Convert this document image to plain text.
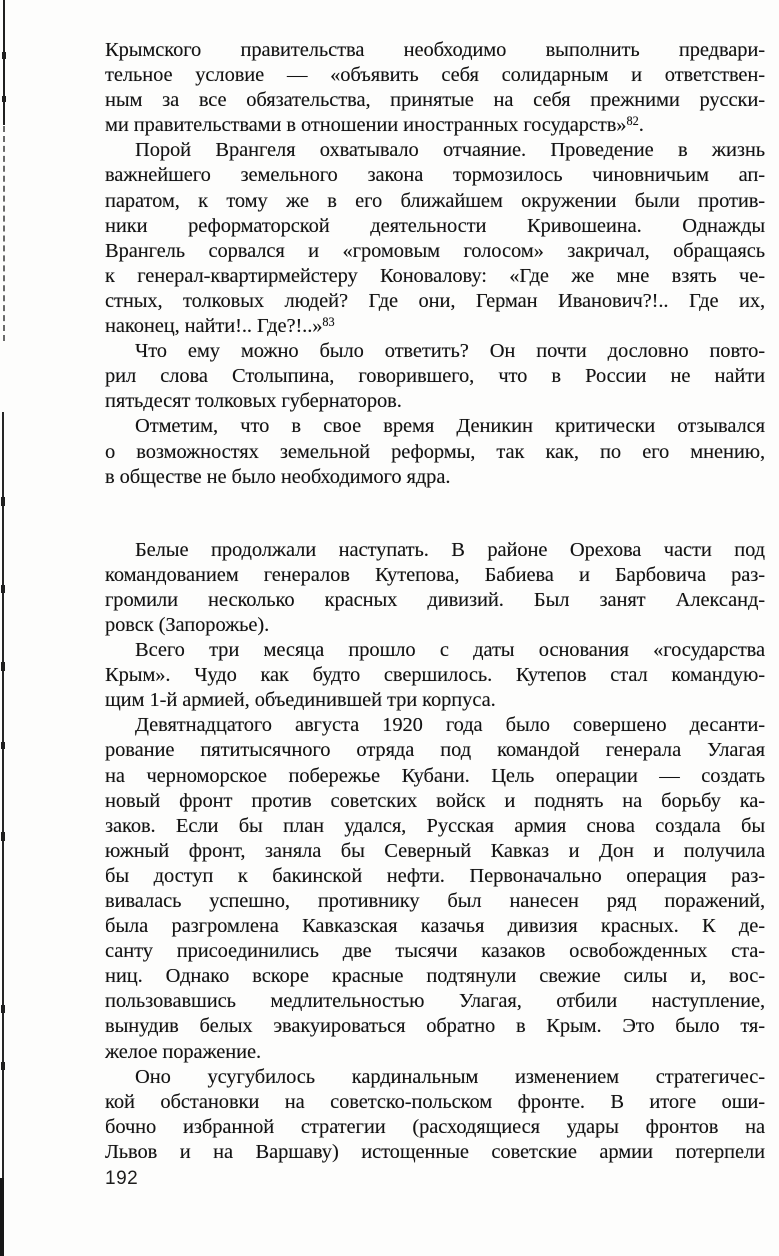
Крымского правительства необходимо выполнить предвари-
тельное условие — «объявить себя солидарным и ответствен-
ным за все обязательства, принятые на себя прежними русски-
ми правительствами в отношении иностранных государств»$^{82}$.
Порой Врангеля охватывало отчаяние. Проведение в жизнь
важнейшего земельного закона тормозилось чиновничьим ап-
паратом, к тому же в его ближайшем окружении были против-
ники реформаторской деятельности Кривошеина. Однажды
Врангель сорвался и «громовым голосом» закричал, обращаясь
к генерал-квартирмейстеру Коновалову: «Где же мне взять че-
стных, толковых людей? Где они, Герман Иванович?!.. Где их,
наконец, найти!.. Где?!..»$^{83}$
Что ему можно было ответить? Он почти дословно повто-
рил слова Столыпина, говорившего, что в России не найти
пятьдесят толковых губернаторов.
Отметим, что в свое время Деникин критически отзывался
о возможностях земельной реформы, так как, по его мнению,
в обществе не было необходимого ядра.
Белые продолжали наступать. В районе Орехова части под
командованием генералов Кутепова, Бабиева и Барбовича раз-
громили несколько красных дивизий. Был занят Александ-
ровск (Запорожье).
Всего три месяца прошло с даты основания «государства
Крым». Чудо как будто свершилось. Кутепов стал командую-
щим 1-й армией, объединившей три корпуса.
Девятнадцатого августа 1920 года было совершено десанти-
рование пятитысячного отряда под командой генерала Улагая
на черноморское побережье Кубани. Цель операции — создать
новый фронт против советских войск и поднять на борьбу ка-
заков. Если бы план удался, Русская армия снова создала бы
южный фронт, заняла бы Северный Кавказ и Дон и получила
бы доступ к бакинской нефти. Первоначально операция раз-
вивалась успешно, противнику был нанесен ряд поражений,
была разгромлена Кавказская казачья дивизия красных. К де-
санту присоединились две тысячи казаков освобожденных ста-
ниц. Однако вскоре красные подтянули свежие силы и, вос-
пользовавшись медлительностью Улагая, отбили наступление,
вынудив белых эвакуироваться обратно в Крым. Это было тя-
желое поражение.
Оно усугубилось кардинальным изменением стратегичес-
кой обстановки на советско-польском фронте. В итоге оши-
бочно избранной стратегии (расходящиеся удары фронтов на
Львов и на Варшаву) истощенные советские армии потерпели
192
